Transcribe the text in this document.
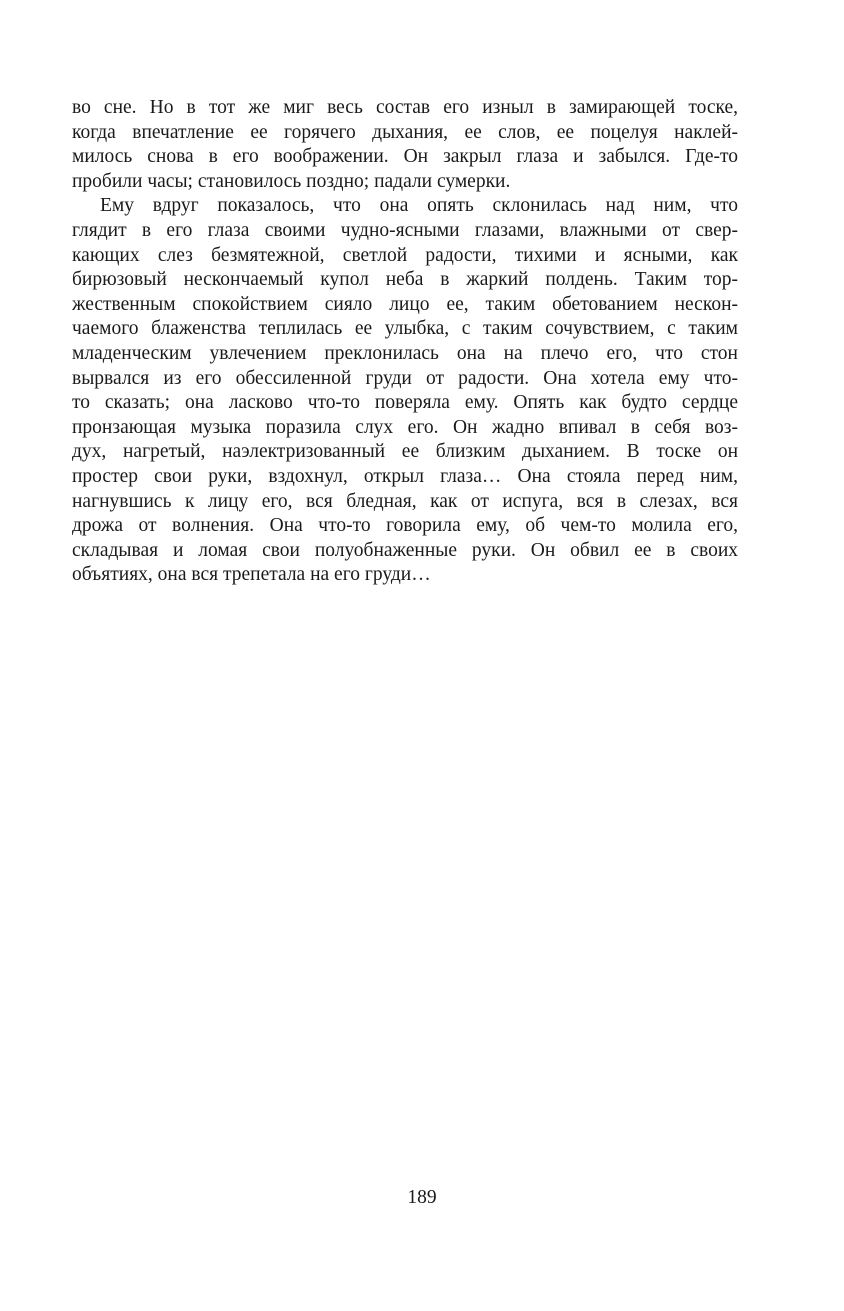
во сне. Но в тот же миг весь состав его изныл в замирающей тоске,
когда впечатление ее горячего дыхания, ее слов, ее поцелуя наклей-
милось снова в его воображении. Он закрыл глаза и забылся. Где-то
пробили часы; становилось поздно; падали сумерки.
Ему вдруг показалось, что она опять склонилась над ним, что
глядит в его глаза своими чудно-ясными глазами, влажными от свер-
кающих слез безмятежной, светлой радости, тихими и ясными, как
бирюзовый нескончаемый купол неба в жаркий полдень. Таким тор-
жественным спокойствием сияло лицо ее, таким обетованием нескон-
чаемого блаженства теплилась ее улыбка, с таким сочувствием, с таким
младенческим увлечением преклонилась она на плечо его, что стон
вырвался из его обессиленной груди от радости. Она хотела ему что-
то сказать; она ласково что-то поверяла ему. Опять как будто сердце
пронзающая музыка поразила слух его. Он жадно впивал в себя воз-
дух, нагретый, наэлектризованный ее близким дыханием. В тоске он
простер свои руки, вздохнул, открыл глаза… Она стояла перед ним,
нагнувшись к лицу его, вся бледная, как от испуга, вся в слезах, вся
дрожа от волнения. Она что-то говорила ему, об чем-то молила его,
складывая и ломая свои полуобнаженные руки. Он обвил ее в своих
объятиях, она вся трепетала на его груди…
189
